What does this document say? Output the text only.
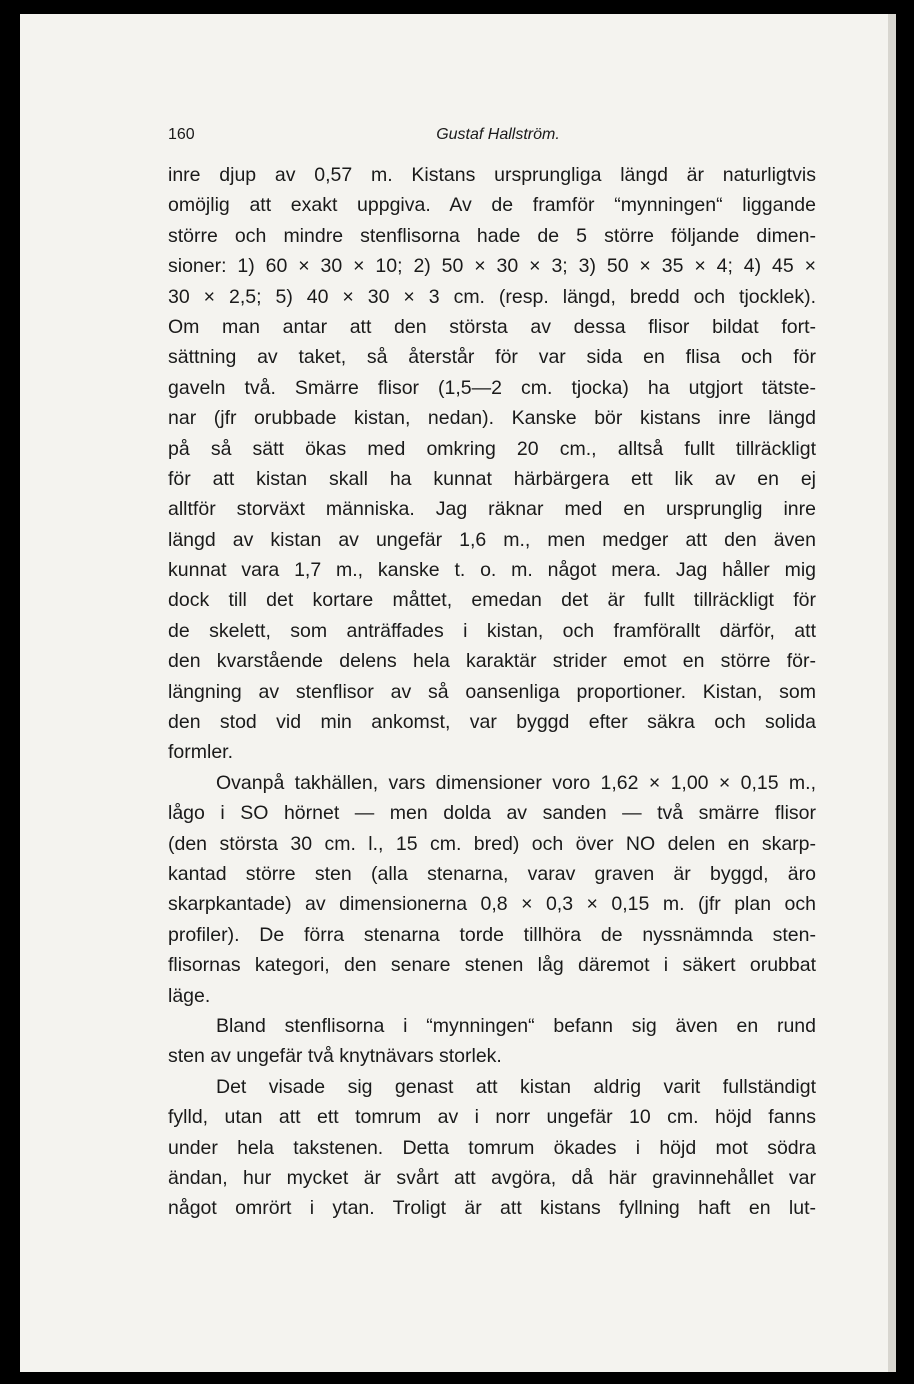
160	Gustaf Hallström.
inre djup av 0,57 m. Kistans ursprungliga längd är naturligtvis
omöjlig att exakt uppgiva. Av de framför “mynningen“ liggande
större och mindre stenflisorna hade de 5 större följande dimen-
sioner: 1) 60 × 30 × 10; 2) 50 × 30 × 3; 3) 50 × 35 × 4; 4) 45 ×
30 × 2,5; 5) 40 × 30 × 3 cm. (resp. längd, bredd och tjocklek).
Om man antar att den största av dessa flisor bildat fort-
sättning av taket, så återstår för var sida en flisa och för
gaveln två. Smärre flisor (1,5—2 cm. tjocka) ha utgjort tätste-
nar (jfr orubbade kistan, nedan). Kanske bör kistans inre längd
på så sätt ökas med omkring 20 cm., alltså fullt tillräckligt
för att kistan skall ha kunnat härbärgera ett lik av en ej
alltför storväxt människa. Jag räknar med en ursprunglig inre
längd av kistan av ungefär 1,6 m., men medger att den även
kunnat vara 1,7 m., kanske t. o. m. något mera. Jag håller mig
dock till det kortare måttet, emedan det är fullt tillräckligt för
de skelett, som anträffades i kistan, och framförallt därför, att
den kvarstående delens hela karaktär strider emot en större för-
längning av stenflisor av så oansenliga proportioner. Kistan, som
den stod vid min ankomst, var byggd efter säkra och solida
formler.
Ovanpå takhällen, vars dimensioner voro 1,62 × 1,00 × 0,15 m.,
lågo i SO hörnet — men dolda av sanden — två smärre flisor
(den största 30 cm. l., 15 cm. bred) och över NO delen en skarp-
kantad större sten (alla stenarna, varav graven är byggd, äro
skarpkantade) av dimensionerna 0,8 × 0,3 × 0,15 m. (jfr plan och
profiler). De förra stenarna torde tillhöra de nyssnämnda sten-
flisornas kategori, den senare stenen låg däremot i säkert orubbat
läge.
Bland stenflisorna i “mynningen“ befann sig även en rund
sten av ungefär två knytnävars storlek.
Det visade sig genast att kistan aldrig varit fullständigt
fylld, utan att ett tomrum av i norr ungefär 10 cm. höjd fanns
under hela takstenen. Detta tomrum ökades i höjd mot södra
ändan, hur mycket är svårt att avgöra, då här gravinnehållet var
något omrört i ytan. Troligt är att kistans fyllning haft en lut-
